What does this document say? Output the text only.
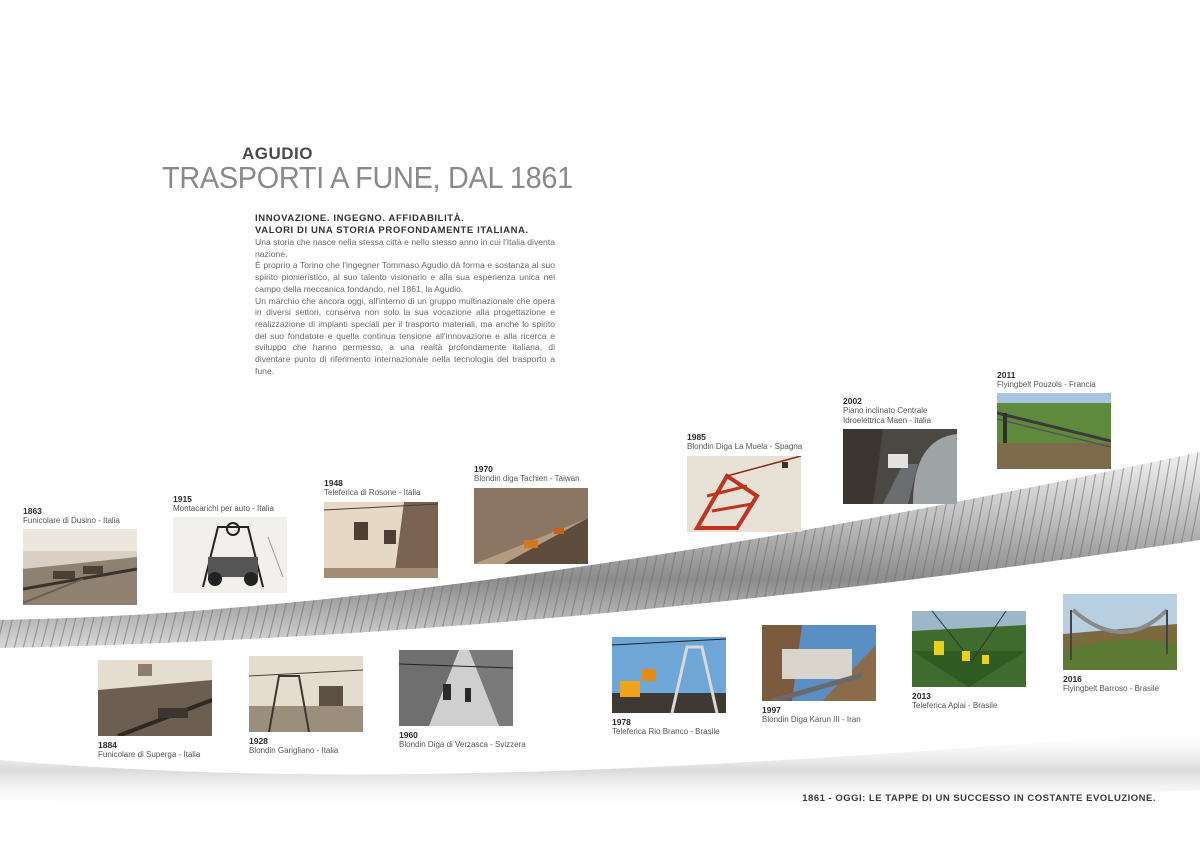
AGUDIO
TRASPORTI A FUNE, DAL 1861
INNOVAZIONE. INGEGNO. AFFIDABILITÀ.
VALORI DI UNA STORIA PROFONDAMENTE ITALIANA.

Una storia che nasce nella stessa città e nello stesso anno in cui l'Italia diventa nazione.

È proprio a Torino che l'ingegner Tommaso Agudio dà forma e sostanza al suo spirito pionieristico, al suo talento visionario e alla sua esperienza unica nel campo della meccanica fondando, nel 1861, la Agudio.

Un marchio che ancora oggi, all'interno di un gruppo multinazionale che opera in diversi settori, conserva non solo la sua vocazione alla progettazione e realizzazione di impianti speciali per il trasporto materiali, ma anche lo spirito del suo fondatore e quella continua tensione all'innovazione e alla ricerca e sviluppo che hanno permesso, a una realtà profondamente italiana, di diventare punto di riferimento internazionale nella tecnologia del trasporto a fune.

1863
Funicolare di Dusino - Italia
1915
Montacarichi per auto - Italia
1948
Teleferica di Rosone - Italia
1970
Blondin diga Tachien - Taiwan
1985
Blondin Diga La Muela - Spagna
2002
Piano inclinato Centrale
Idroelettrica Maen - Italia
2011
Flyingbelt Pouzols - Francia
1884
Funicolare di Superga - Italia
1928
Blondin Garigliano - Italia
1960
Blondin Diga di Verzasca - Svizzera
1978
Teleferica Rio Branco - Brasile
1997
Blondin Diga Karun III - Iran
2013
Teleferica Apiai - Brasile
2016
Flyingbelt Barroso - Brasile
1861 - OGGI: LE TAPPE DI UN SUCCESSO IN COSTANTE EVOLUZIONE.
